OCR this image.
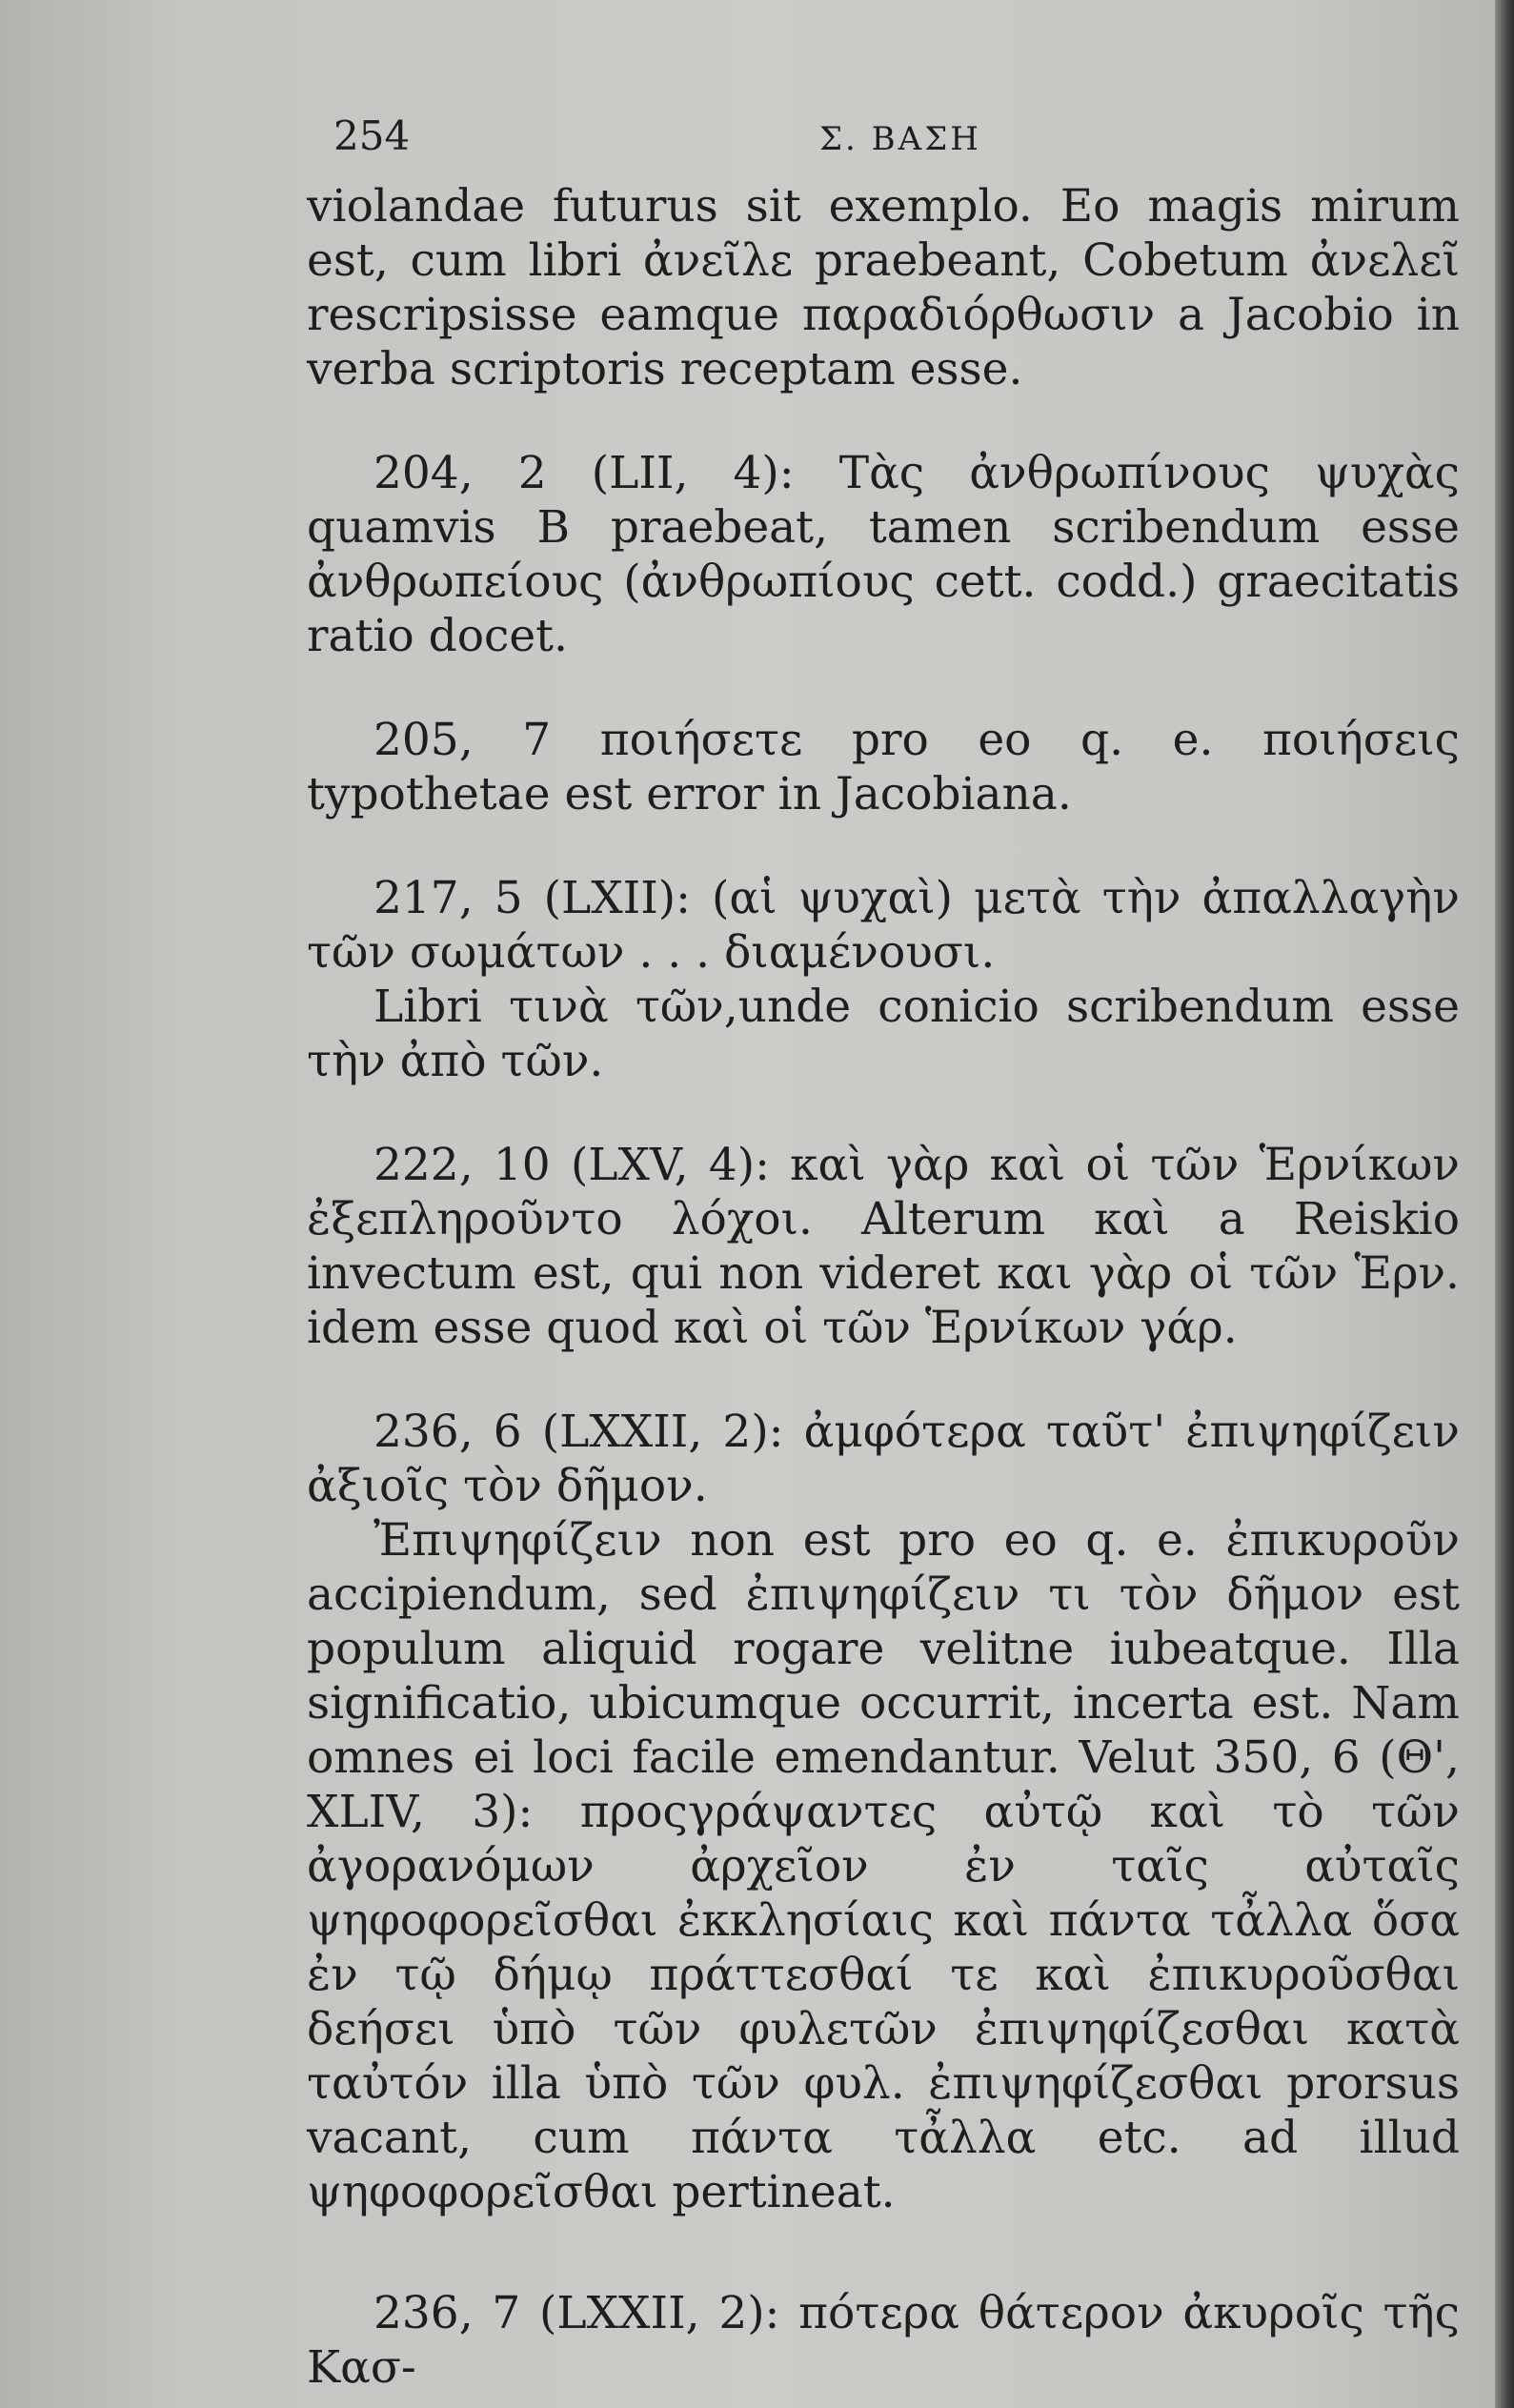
254	Σ. ΒΑΣΗ

violandae futurus sit exemplo. Eo magis mirum est, cum libri ἀνεῖλε praebeant, Cobetum ἀνελεῖ rescripsisse eamque παραδιόρθωσιν a Jacobio in verba scriptoris receptam esse.

204, 2 (LII, 4): Τὰς ἀνθρωπίνους ψυχὰς quamvis B praebeat, tamen scribendum esse ἀνθρωπείους (ἀνθρωπίους cett. codd.) graecitatis ratio docet.

205, 7 ποιήσετε pro eo q. e. ποιήσεις typothetae est error in Jacobiana.

217, 5 (LXII): (αἱ ψυχαὶ) μετὰ τὴν ἀπαλλαγὴν τῶν σωμάτων . . . διαμένουσι.

Libri τινὰ τῶν,unde conicio scribendum esse τὴν ἀπὸ τῶν.

222, 10 (LXV, 4): καὶ γὰρ καὶ οἱ τῶν Ἑρνίκων ἐξεπληροῦντο λόχοι. Alterum καὶ a Reiskio invectum est, qui non videret και γὰρ οἱ τῶν Ἑρν. idem esse quod καὶ οἱ τῶν Ἑρνίκων γάρ.

236, 6 (LXXII, 2): ἀμφότερα ταῦτ' ἐπιψηφίζειν ἀξιοῖς τὸν δῆμον.

Ἐπιψηφίζειν non est pro eo q. e. ἐπικυροῦν accipiendum, sed ἐπιψηφίζειν τι τὸν δῆμον est populum aliquid rogare velitne iubeatque. Illa significatio, ubicumque occurrit, incerta est. Nam omnes ei loci facile emendantur. Velut 350, 6 (Θ', XLIV, 3): προςγράψαντες αὐτῷ καὶ τὸ τῶν ἀγορανόμων ἀρχεῖον ἐν ταῖς αὐταῖς ψηφοφορεῖσθαι ἐκκλησίαις καὶ πάντα τἆλλα ὅσα ἐν τῷ δήμῳ πράττεσθαί τε καὶ ἐπικυροῦσθαι δεήσει ὑπὸ τῶν φυλετῶν ἐπιψηφίζεσθαι κατὰ ταὐτόν illa ὑπὸ τῶν φυλ. ἐπιψηφίζεσθαι prorsus vacant, cum πάντα τἆλλα etc. ad illud ψηφοφορεῖσθαι pertineat.

236, 7 (LXXII, 2): πότερα θάτερον ἀκυροῖς τῆς Κασ-
